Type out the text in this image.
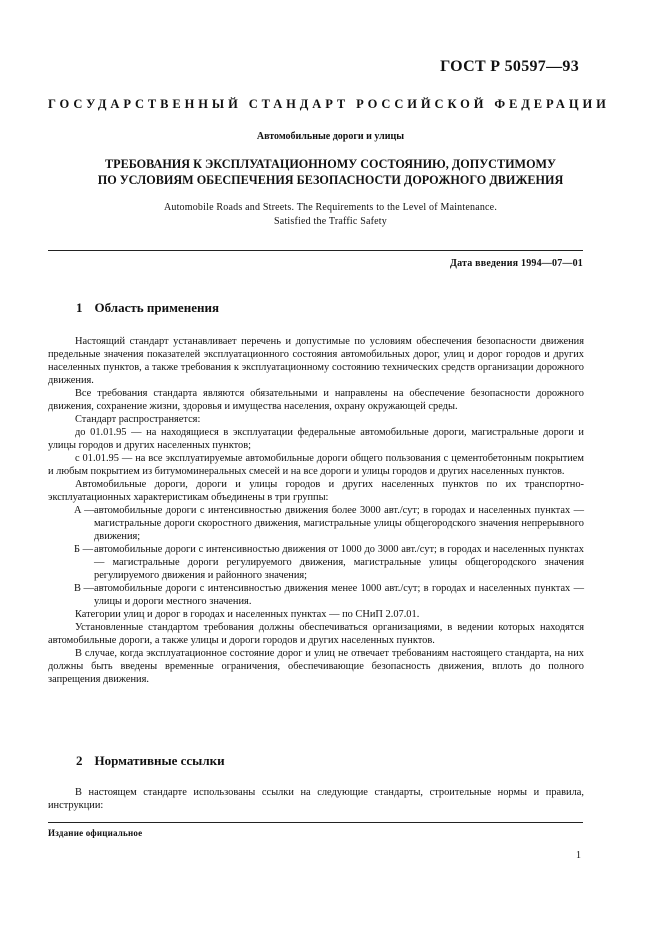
ГОСТ Р 50597—93
ГОСУДАРСТВЕННЫЙ СТАНДАРТ РОССИЙСКОЙ ФЕДЕРАЦИИ
Автомобильные дороги и улицы
ТРЕБОВАНИЯ К ЭКСПЛУАТАЦИОННОМУ СОСТОЯНИЮ, ДОПУСТИМОМУ
ПО УСЛОВИЯМ ОБЕСПЕЧЕНИЯ БЕЗОПАСНОСТИ ДОРОЖНОГО ДВИЖЕНИЯ
Automobile Roads and Streets. The Requirements to the Level of Maintenance.
Satisfied the Traffic Safety
Дата введения 1994—07—01
1 Область применения

Настоящий стандарт устанавливает перечень и допустимые по условиям обеспечения безопасности движения предельные значения показателей эксплуатационного состояния автомобильных дорог, улиц и дорог городов и других населенных пунктов, а также требования к эксплуатационному состоянию технических средств организации дорожного движения.

Все требования стандарта являются обязательными и направлены на обеспечение безопасности дорожного движения, сохранение жизни, здоровья и имущества населения, охрану окружающей среды.

Стандарт распространяется:

до 01.01.95 — на находящиеся в эксплуатации федеральные автомобильные дороги, магистральные дороги и улицы городов и других населенных пунктов;

с 01.01.95 — на все эксплуатируемые автомобильные дороги общего пользования с цементобетонным покрытием и любым покрытием из битумоминеральных смесей и на все дороги и улицы городов и других населенных пунктов.

Автомобильные дороги, дороги и улицы городов и других населенных пунктов по их транспортно-эксплуатационных характеристикам объединены в три группы:

А — автомобильные дороги с интенсивностью движения более 3000 авт./сут; в городах и населенных пунктах — магистральные дороги скоростного движения, магистральные улицы общегородского значения непрерывного движения;
Б — автомобильные дороги с интенсивностью движения от 1000 до 3000 авт./сут; в городах и населенных пунктах — магистральные дороги регулируемого движения, магистральные улицы общегородского значения регулируемого движения и районного значения;
В — автомобильные дороги с интенсивностью движения менее 1000 авт./сут; в городах и населенных пунктах — улицы и дороги местного значения.

Категории улиц и дорог в городах и населенных пунктах — по СНиП 2.07.01.

Установленные стандартом требования должны обеспечиваться организациями, в ведении которых находятся автомобильные дороги, а также улицы и дороги городов и других населенных пунктов.

В случае, когда эксплуатационное состояние дорог и улиц не отвечает требованиям настоящего стандарта, на них должны быть введены временные ограничения, обеспечивающие безопасность движения, вплоть до полного запрещения движения.

2 Нормативные ссылки

В настоящем стандарте использованы ссылки на следующие стандарты, строительные нормы и правила, инструкции:

Издание официальное
1
